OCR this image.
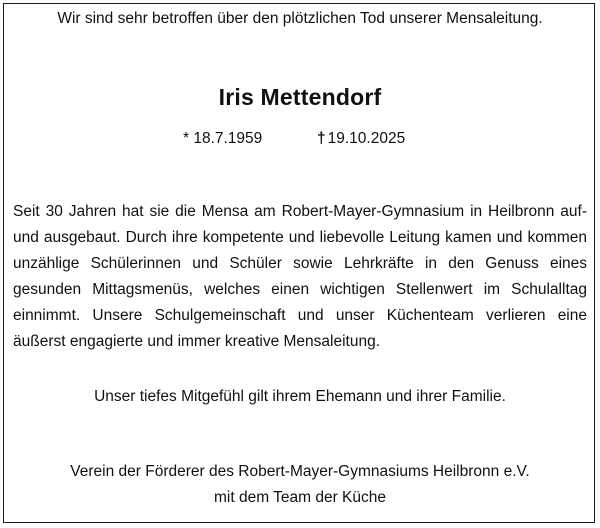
Wir sind sehr betroffen über den plötzlichen Tod unserer Mensaleitung.
Iris Mettendorf
* 18.7.1959	† 19.10.2025

Seit 30 Jahren hat sie die Mensa am Robert-Mayer-Gymnasium in Heilbronn auf- und ausgebaut. Durch ihre kompetente und liebevolle Leitung kamen und kommen unzählige Schülerinnen und Schüler sowie Lehrkräfte in den Genuss eines gesunden Mittagsmenüs, welches einen wichtigen Stellenwert im Schulalltag einnimmt. Unsere Schulgemeinschaft und unser Küchenteam verlieren eine äußerst engagierte und immer kreative Mensaleitung.

Unser tiefes Mitgefühl gilt ihrem Ehemann und ihrer Familie.
Verein der Förderer des Robert-Mayer-Gymnasiums Heilbronn e.V.
mit dem Team der Küche
